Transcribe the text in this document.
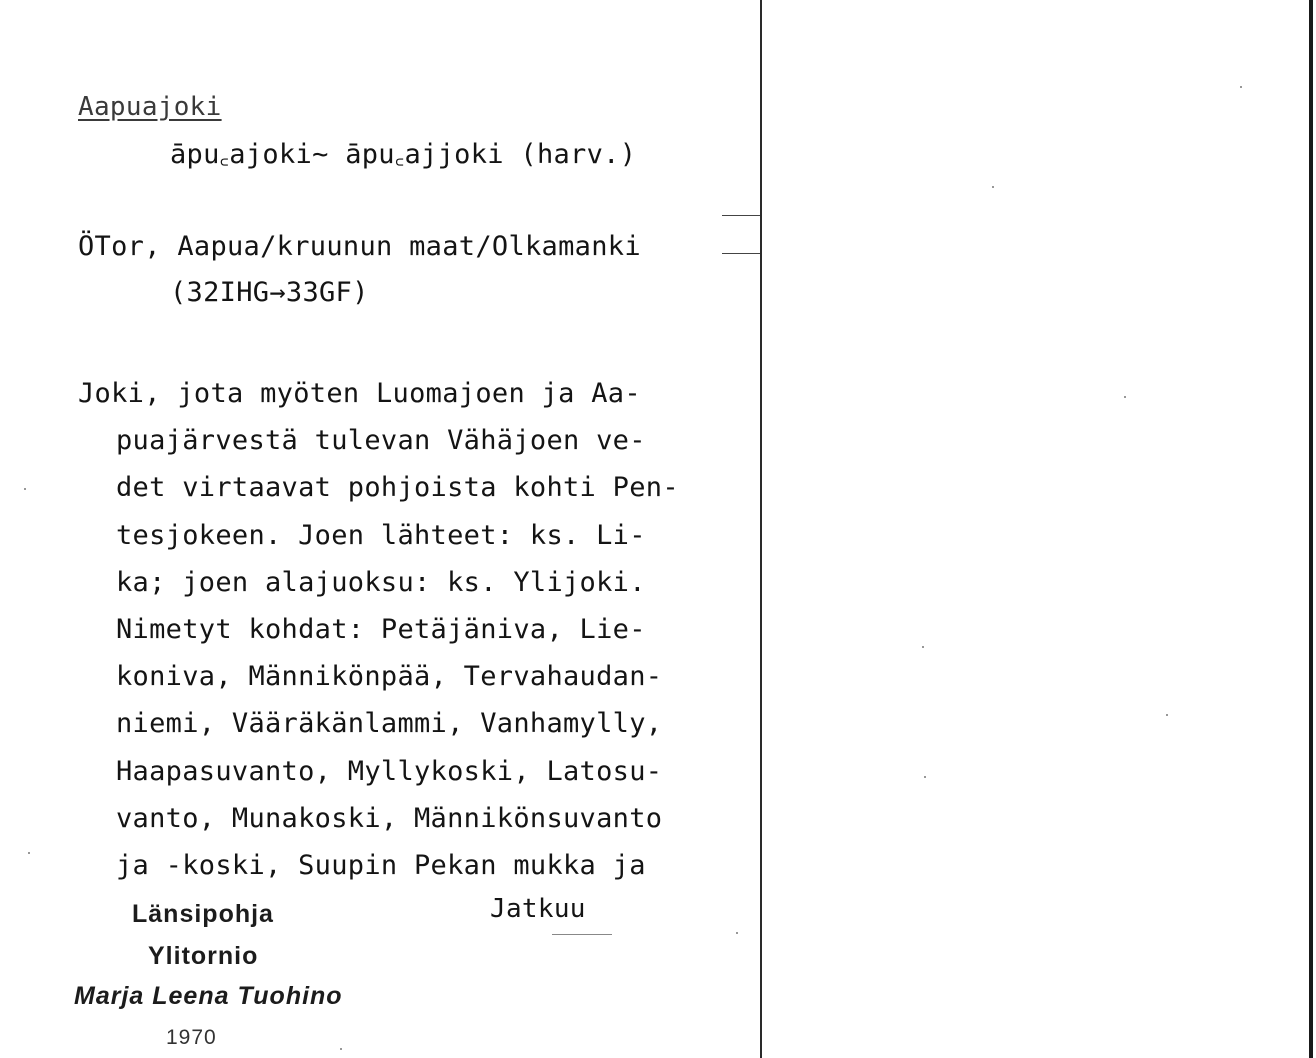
Aapuajoki
āpu꜀ajoki~ āpu꜀ajjoki (harv.)
ÖTor, Aapua/kruunun maat/Olkamanki
(32IHG→33GF)
Joki, jota myöten Luomajoen ja Aa-
puajärvestä tulevan Vähäjoen ve-
det virtaavat pohjoista kohti Pen-
tesjokeen. Joen lähteet: ks. Li-
ka; joen alajuoksu: ks. Ylijoki.
Nimetyt kohdat: Petäjäniva, Lie-
koniva, Männikönpää, Tervahaudan-
niemi, Vääräkänlammi, Vanhamylly,
Haapasuvanto, Myllykoski, Latosu-
vanto, Munakoski, Männikönsuvanto
ja -koski, Suupin Pekan mukka ja
Jatkuu
Länsipohja
Ylitornio
Marja Leena Tuohino
1970
